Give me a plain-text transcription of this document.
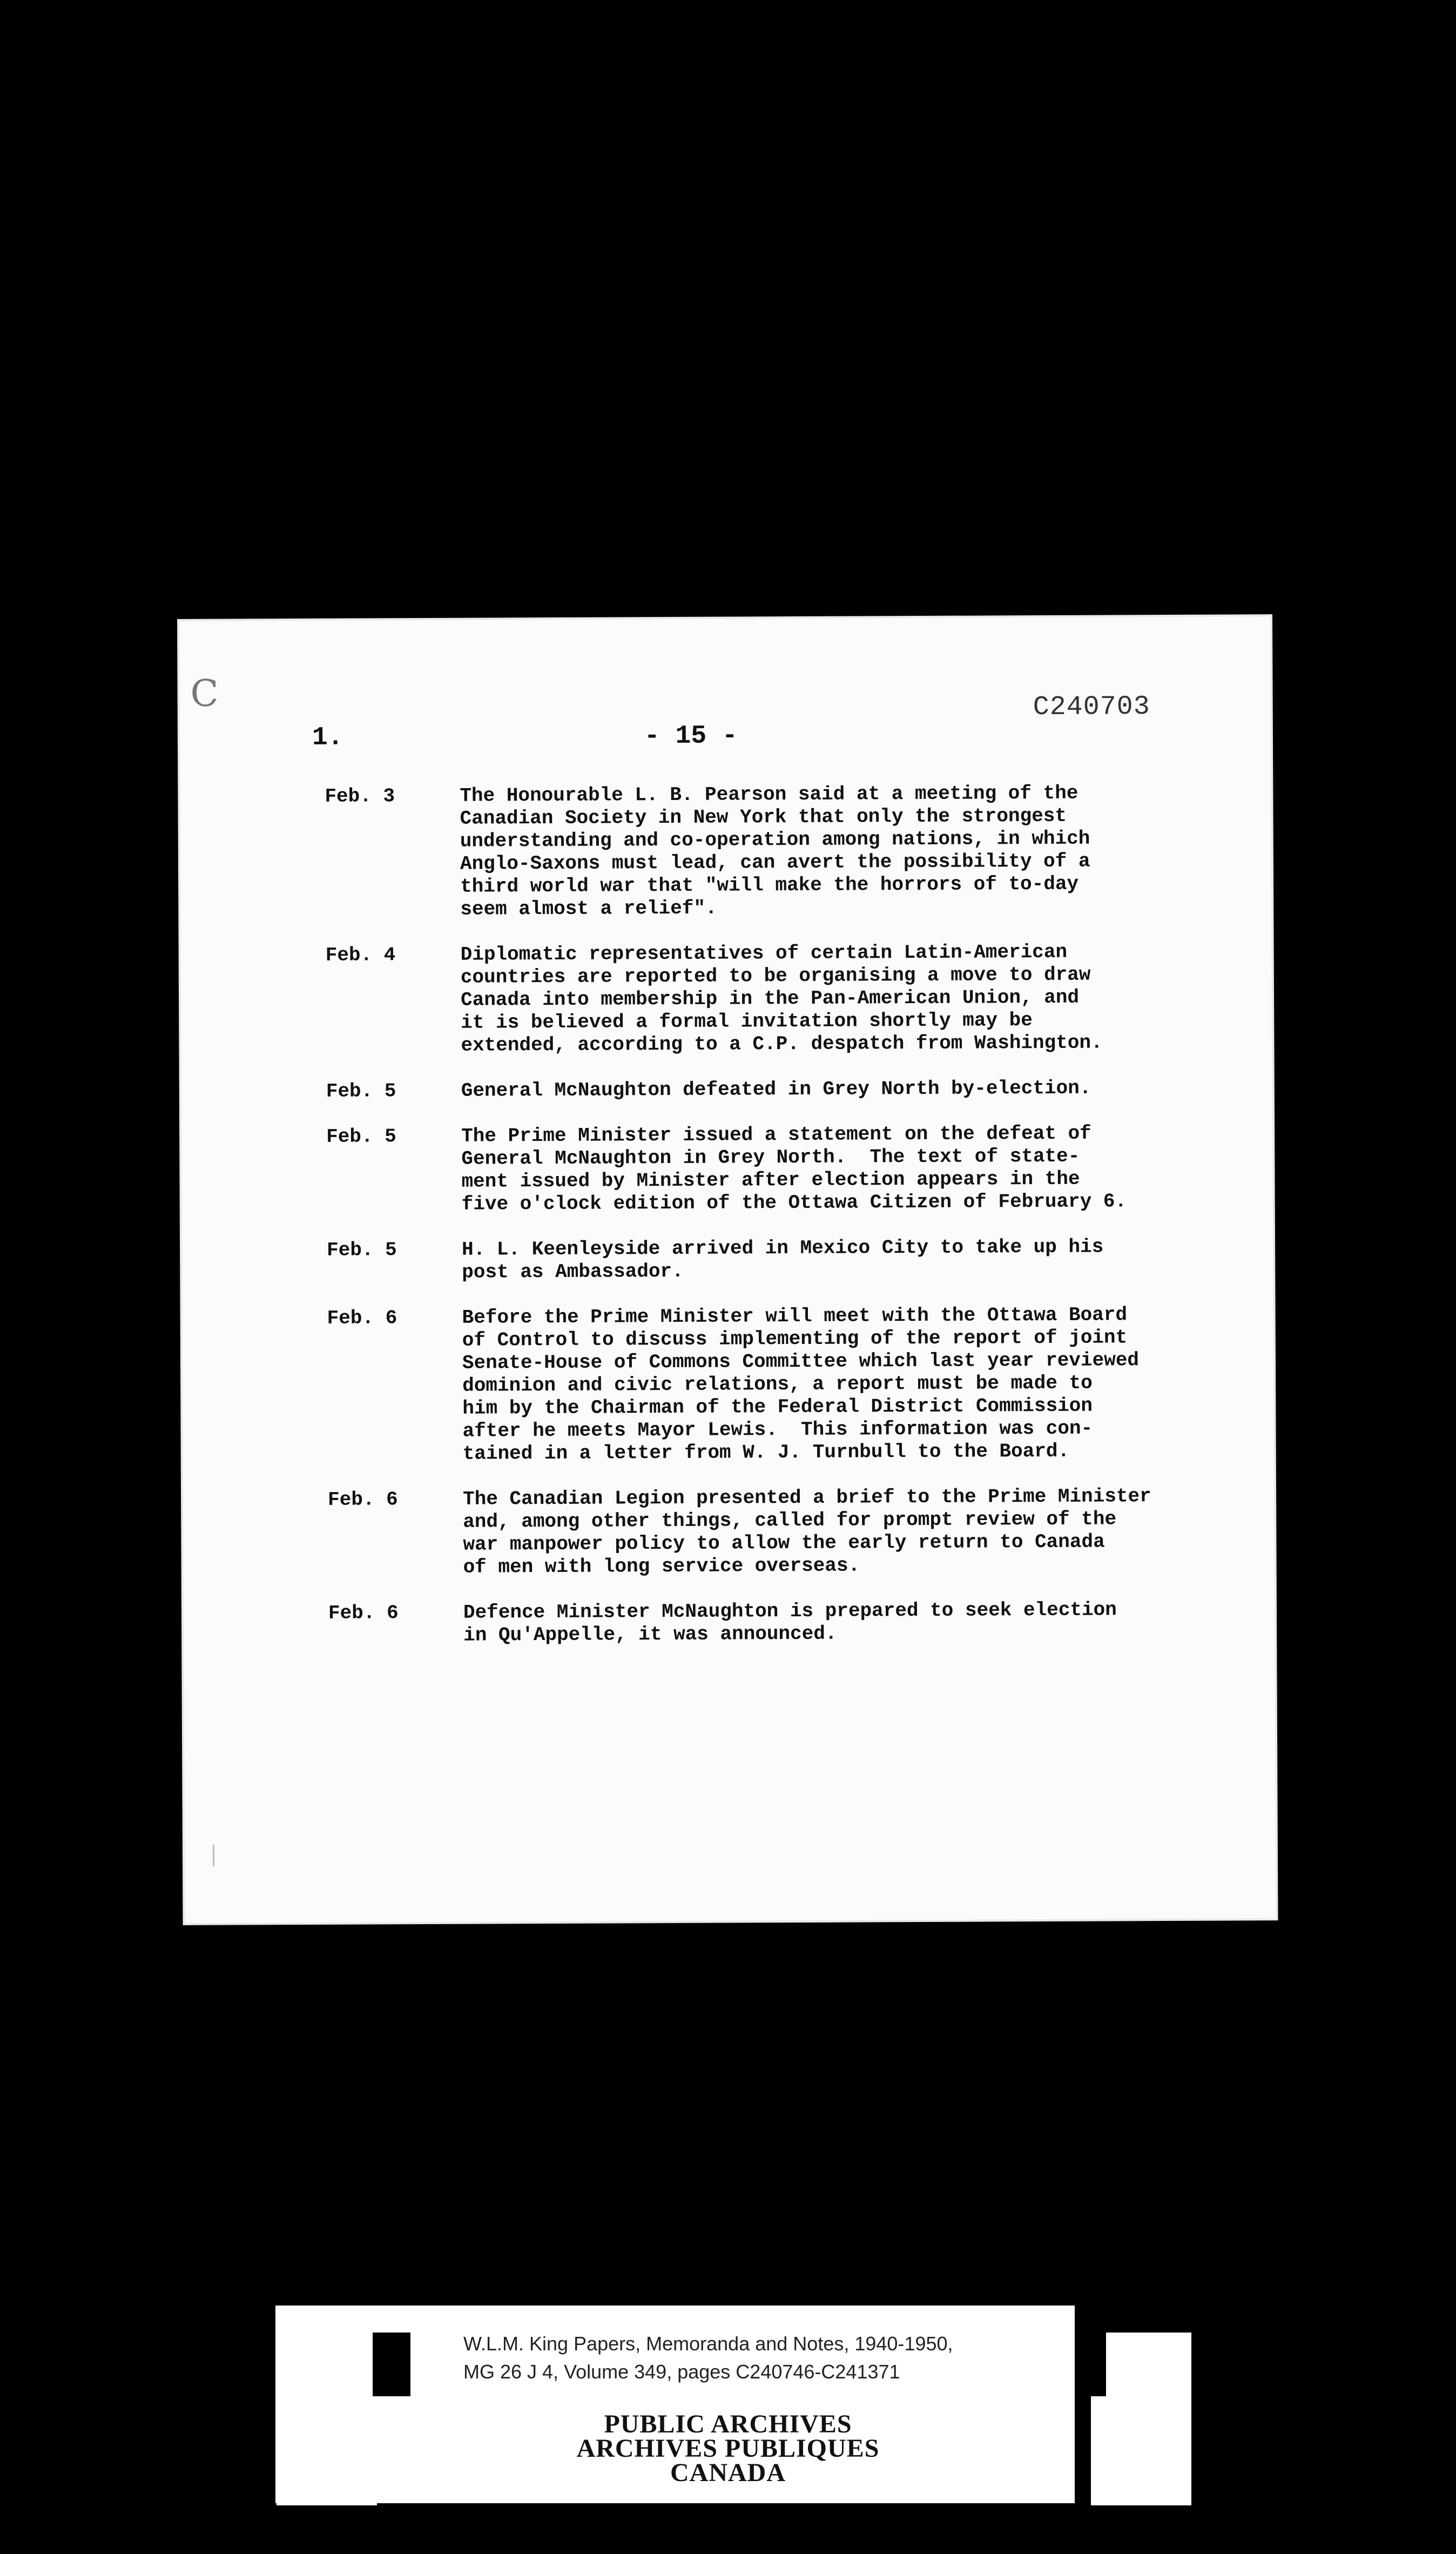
C	C240703
1.	- 15 -
Feb. 3	The Honourable L. B. Pearson said at a meeting of the
Canadian Society in New York that only the strongest
understanding and co-operation among nations, in which
Anglo-Saxons must lead, can avert the possibility of a
third world war that "will make the horrors of to-day
seem almost a relief".
Feb. 4	Diplomatic representatives of certain Latin-American
countries are reported to be organising a move to draw
Canada into membership in the Pan-American Union, and
it is believed a formal invitation shortly may be
extended, according to a C.P. despatch from Washington.
Feb. 5	General McNaughton defeated in Grey North by-election.
Feb. 5	The Prime Minister issued a statement on the defeat of
General McNaughton in Grey North.  The text of state-
ment issued by Minister after election appears in the
five o'clock edition of the Ottawa Citizen of February 6.
Feb. 5	H. L. Keenleyside arrived in Mexico City to take up his
post as Ambassador.
Feb. 6	Before the Prime Minister will meet with the Ottawa Board
of Control to discuss implementing of the report of joint
Senate-House of Commons Committee which last year reviewed
dominion and civic relations, a report must be made to
him by the Chairman of the Federal District Commission
after he meets Mayor Lewis.  This information was con-
tained in a letter from W. J. Turnbull to the Board.
Feb. 6	The Canadian Legion presented a brief to the Prime Minister
and, among other things, called for prompt review of the
war manpower policy to allow the early return to Canada
of men with long service overseas.
Feb. 6	Defence Minister McNaughton is prepared to seek election
in Qu'Appelle, it was announced.
W.L.M. King Papers, Memoranda and Notes, 1940-1950,
MG 26 J 4, Volume 349, pages C240746-C241371
PUBLIC ARCHIVES
ARCHIVES PUBLIQUES
CANADA
